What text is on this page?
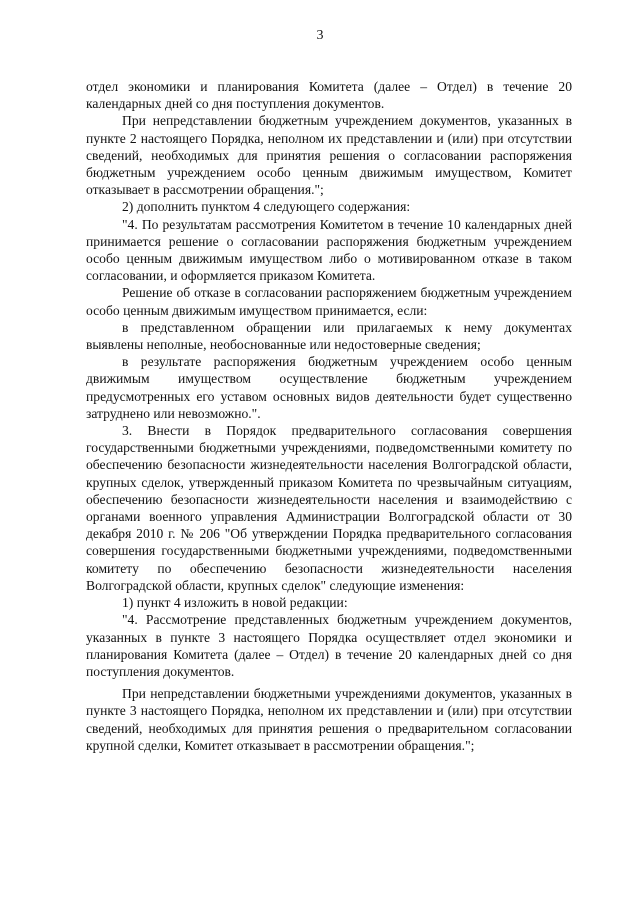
3

отдел экономики и планирования Комитета (далее – Отдел) в течение 20 календарных дней со дня поступления документов.

При непредставлении бюджетным учреждением документов, указанных в пункте 2 настоящего Порядка, неполном их представлении и (или) при отсутствии сведений, необходимых для принятия решения о согласовании распоряжения бюджетным учреждением особо ценным движимым имуществом, Комитет отказывает в рассмотрении обращения.";

2) дополнить пунктом 4 следующего содержания:

"4. По результатам рассмотрения Комитетом в течение 10 календарных дней принимается решение о согласовании распоряжения бюджетным учреждением особо ценным движимым имуществом либо о мотивированном отказе в таком согласовании, и оформляется приказом Комитета.

Решение об отказе в согласовании распоряжением бюджетным учреждением особо ценным движимым имуществом принимается, если:

в представленном обращении или прилагаемых к нему документах выявлены неполные, необоснованные или недостоверные сведения;

в результате распоряжения бюджетным учреждением особо ценным движимым имуществом осуществление бюджетным учреждением предусмотренных его уставом основных видов деятельности будет существенно затруднено или невозможно.".

3. Внести в Порядок предварительного согласования совершения государственными бюджетными учреждениями, подведомственными комитету по обеспечению безопасности жизнедеятельности населения Волгоградской области, крупных сделок, утвержденный приказом Комитета по чрезвычайным ситуациям, обеспечению безопасности жизнедеятельности населения и взаимодействию с органами военного управления Администрации Волгоградской области от 30 декабря 2010 г. № 206 "Об утверждении Порядка предварительного согласования совершения государственными бюджетными учреждениями, подведомственными комитету по обеспечению безопасности жизнедеятельности населения Волгоградской области, крупных сделок" следующие изменения:

1) пункт 4 изложить в новой редакции:

"4. Рассмотрение представленных бюджетным учреждением документов, указанных в пункте 3 настоящего Порядка осуществляет отдел экономики и планирования Комитета (далее – Отдел) в течение 20 календарных дней со дня поступления документов.

При непредставлении бюджетными учреждениями документов, указанных в пункте 3 настоящего Порядка, неполном их представлении и (или) при отсутствии сведений, необходимых для принятия решения о предварительном согласовании крупной сделки, Комитет отказывает в рассмотрении обращения.";
